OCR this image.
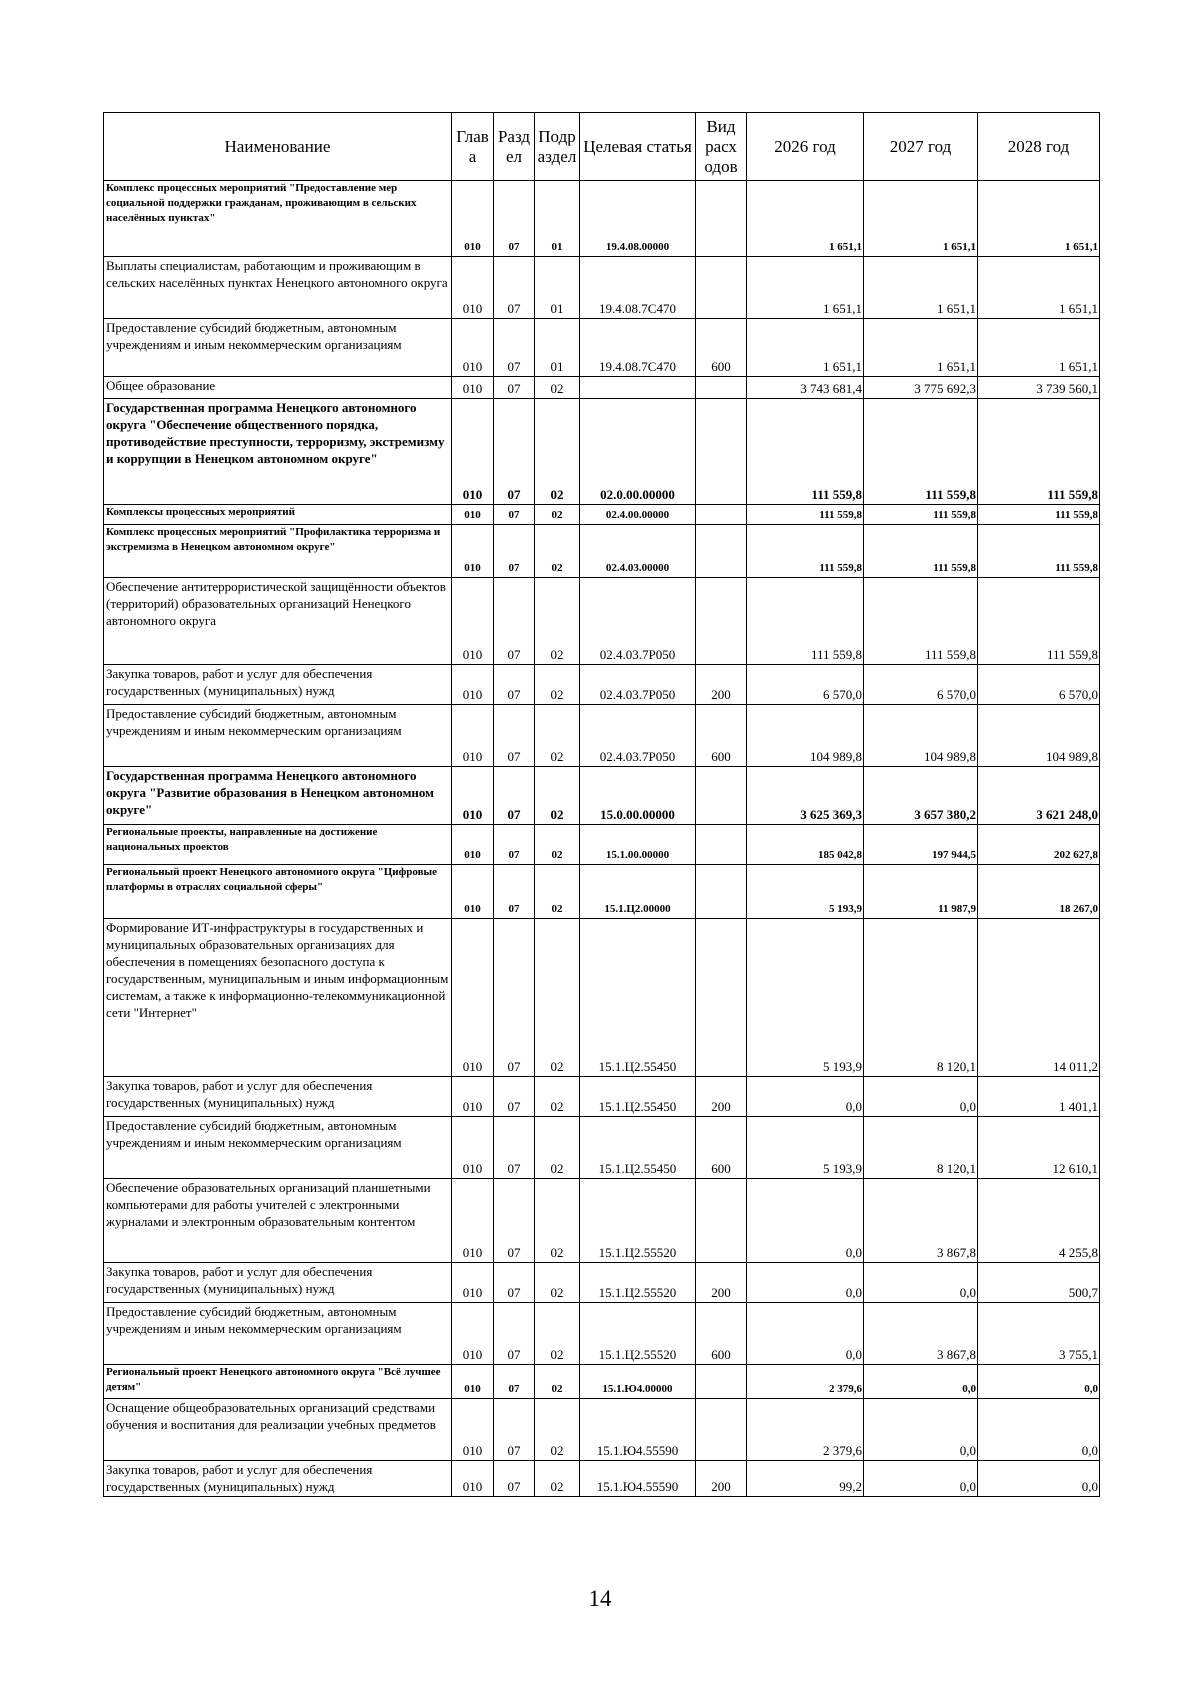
Наименование	Глав а	Разд ел	Подр аздел	Целевая статья	Вид расх одов	2026 год	2027 год	2028 год
Комплекс процессных мероприятий "Предоставление мер социальной поддержки гражданам, проживающим в сельских населённых пунктах"	010	07	01	19.4.08.00000		1 651,1	1 651,1	1 651,1
Выплаты специалистам, работающим и проживающим в сельских населённых пунктах Ненецкого автономного округа	010	07	01	19.4.08.7С470		1 651,1	1 651,1	1 651,1
Предоставление субсидий бюджетным, автономным учреждениям и иным некоммерческим организациям	010	07	01	19.4.08.7С470	600	1 651,1	1 651,1	1 651,1
Общее образование	010	07	02			3 743 681,4	3 775 692,3	3 739 560,1
Государственная программа Ненецкого автономного округа "Обеспечение общественного порядка, противодействие преступности, терроризму, экстремизму и коррупции в Ненецком автономном округе"	010	07	02	02.0.00.00000		111 559,8	111 559,8	111 559,8
Комплексы процессных мероприятий	010	07	02	02.4.00.00000		111 559,8	111 559,8	111 559,8
Комплекс процессных мероприятий "Профилактика терроризма и экстремизма в Ненецком автономном округе"	010	07	02	02.4.03.00000		111 559,8	111 559,8	111 559,8
Обеспечение антитеррористической защищённости объектов (территорий) образовательных организаций Ненецкого автономного округа	010	07	02	02.4.03.7Р050		111 559,8	111 559,8	111 559,8
Закупка товаров, работ и услуг для обеспечения государственных (муниципальных) нужд	010	07	02	02.4.03.7Р050	200	6 570,0	6 570,0	6 570,0
Предоставление субсидий бюджетным, автономным учреждениям и иным некоммерческим организациям	010	07	02	02.4.03.7Р050	600	104 989,8	104 989,8	104 989,8
Государственная программа Ненецкого автономного округа "Развитие образования в Ненецком автономном округе"	010	07	02	15.0.00.00000		3 625 369,3	3 657 380,2	3 621 248,0
Региональные проекты, направленные на достижение национальных проектов	010	07	02	15.1.00.00000		185 042,8	197 944,5	202 627,8
Региональный проект Ненецкого автономного округа "Цифровые платформы в отраслях социальной сферы"	010	07	02	15.1.Ц2.00000		5 193,9	11 987,9	18 267,0
Формирование ИТ-инфраструктуры в государственных и муниципальных образовательных организациях для обеспечения в помещениях безопасного доступа к государственным, муниципальным и иным информационным системам, а также к информационно-телекоммуникационной сети "Интернет"	010	07	02	15.1.Ц2.55450		5 193,9	8 120,1	14 011,2
Закупка товаров, работ и услуг для обеспечения государственных (муниципальных) нужд	010	07	02	15.1.Ц2.55450	200	0,0	0,0	1 401,1
Предоставление субсидий бюджетным, автономным учреждениям и иным некоммерческим организациям	010	07	02	15.1.Ц2.55450	600	5 193,9	8 120,1	12 610,1
Обеспечение образовательных организаций планшетными компьютерами для работы учителей с электронными журналами и электронным образовательным контентом	010	07	02	15.1.Ц2.55520		0,0	3 867,8	4 255,8
Закупка товаров, работ и услуг для обеспечения государственных (муниципальных) нужд	010	07	02	15.1.Ц2.55520	200	0,0	0,0	500,7
Предоставление субсидий бюджетным, автономным учреждениям и иным некоммерческим организациям	010	07	02	15.1.Ц2.55520	600	0,0	3 867,8	3 755,1
Региональный проект Ненецкого автономного округа "Всё лучшее детям"	010	07	02	15.1.Ю4.00000		2 379,6	0,0	0,0
Оснащение общеобразовательных организаций средствами обучения и воспитания для реализации учебных предметов	010	07	02	15.1.Ю4.55590		2 379,6	0,0	0,0
Закупка товаров, работ и услуг для обеспечения государственных (муниципальных) нужд	010	07	02	15.1.Ю4.55590	200	99,2	0,0	0,0
14
